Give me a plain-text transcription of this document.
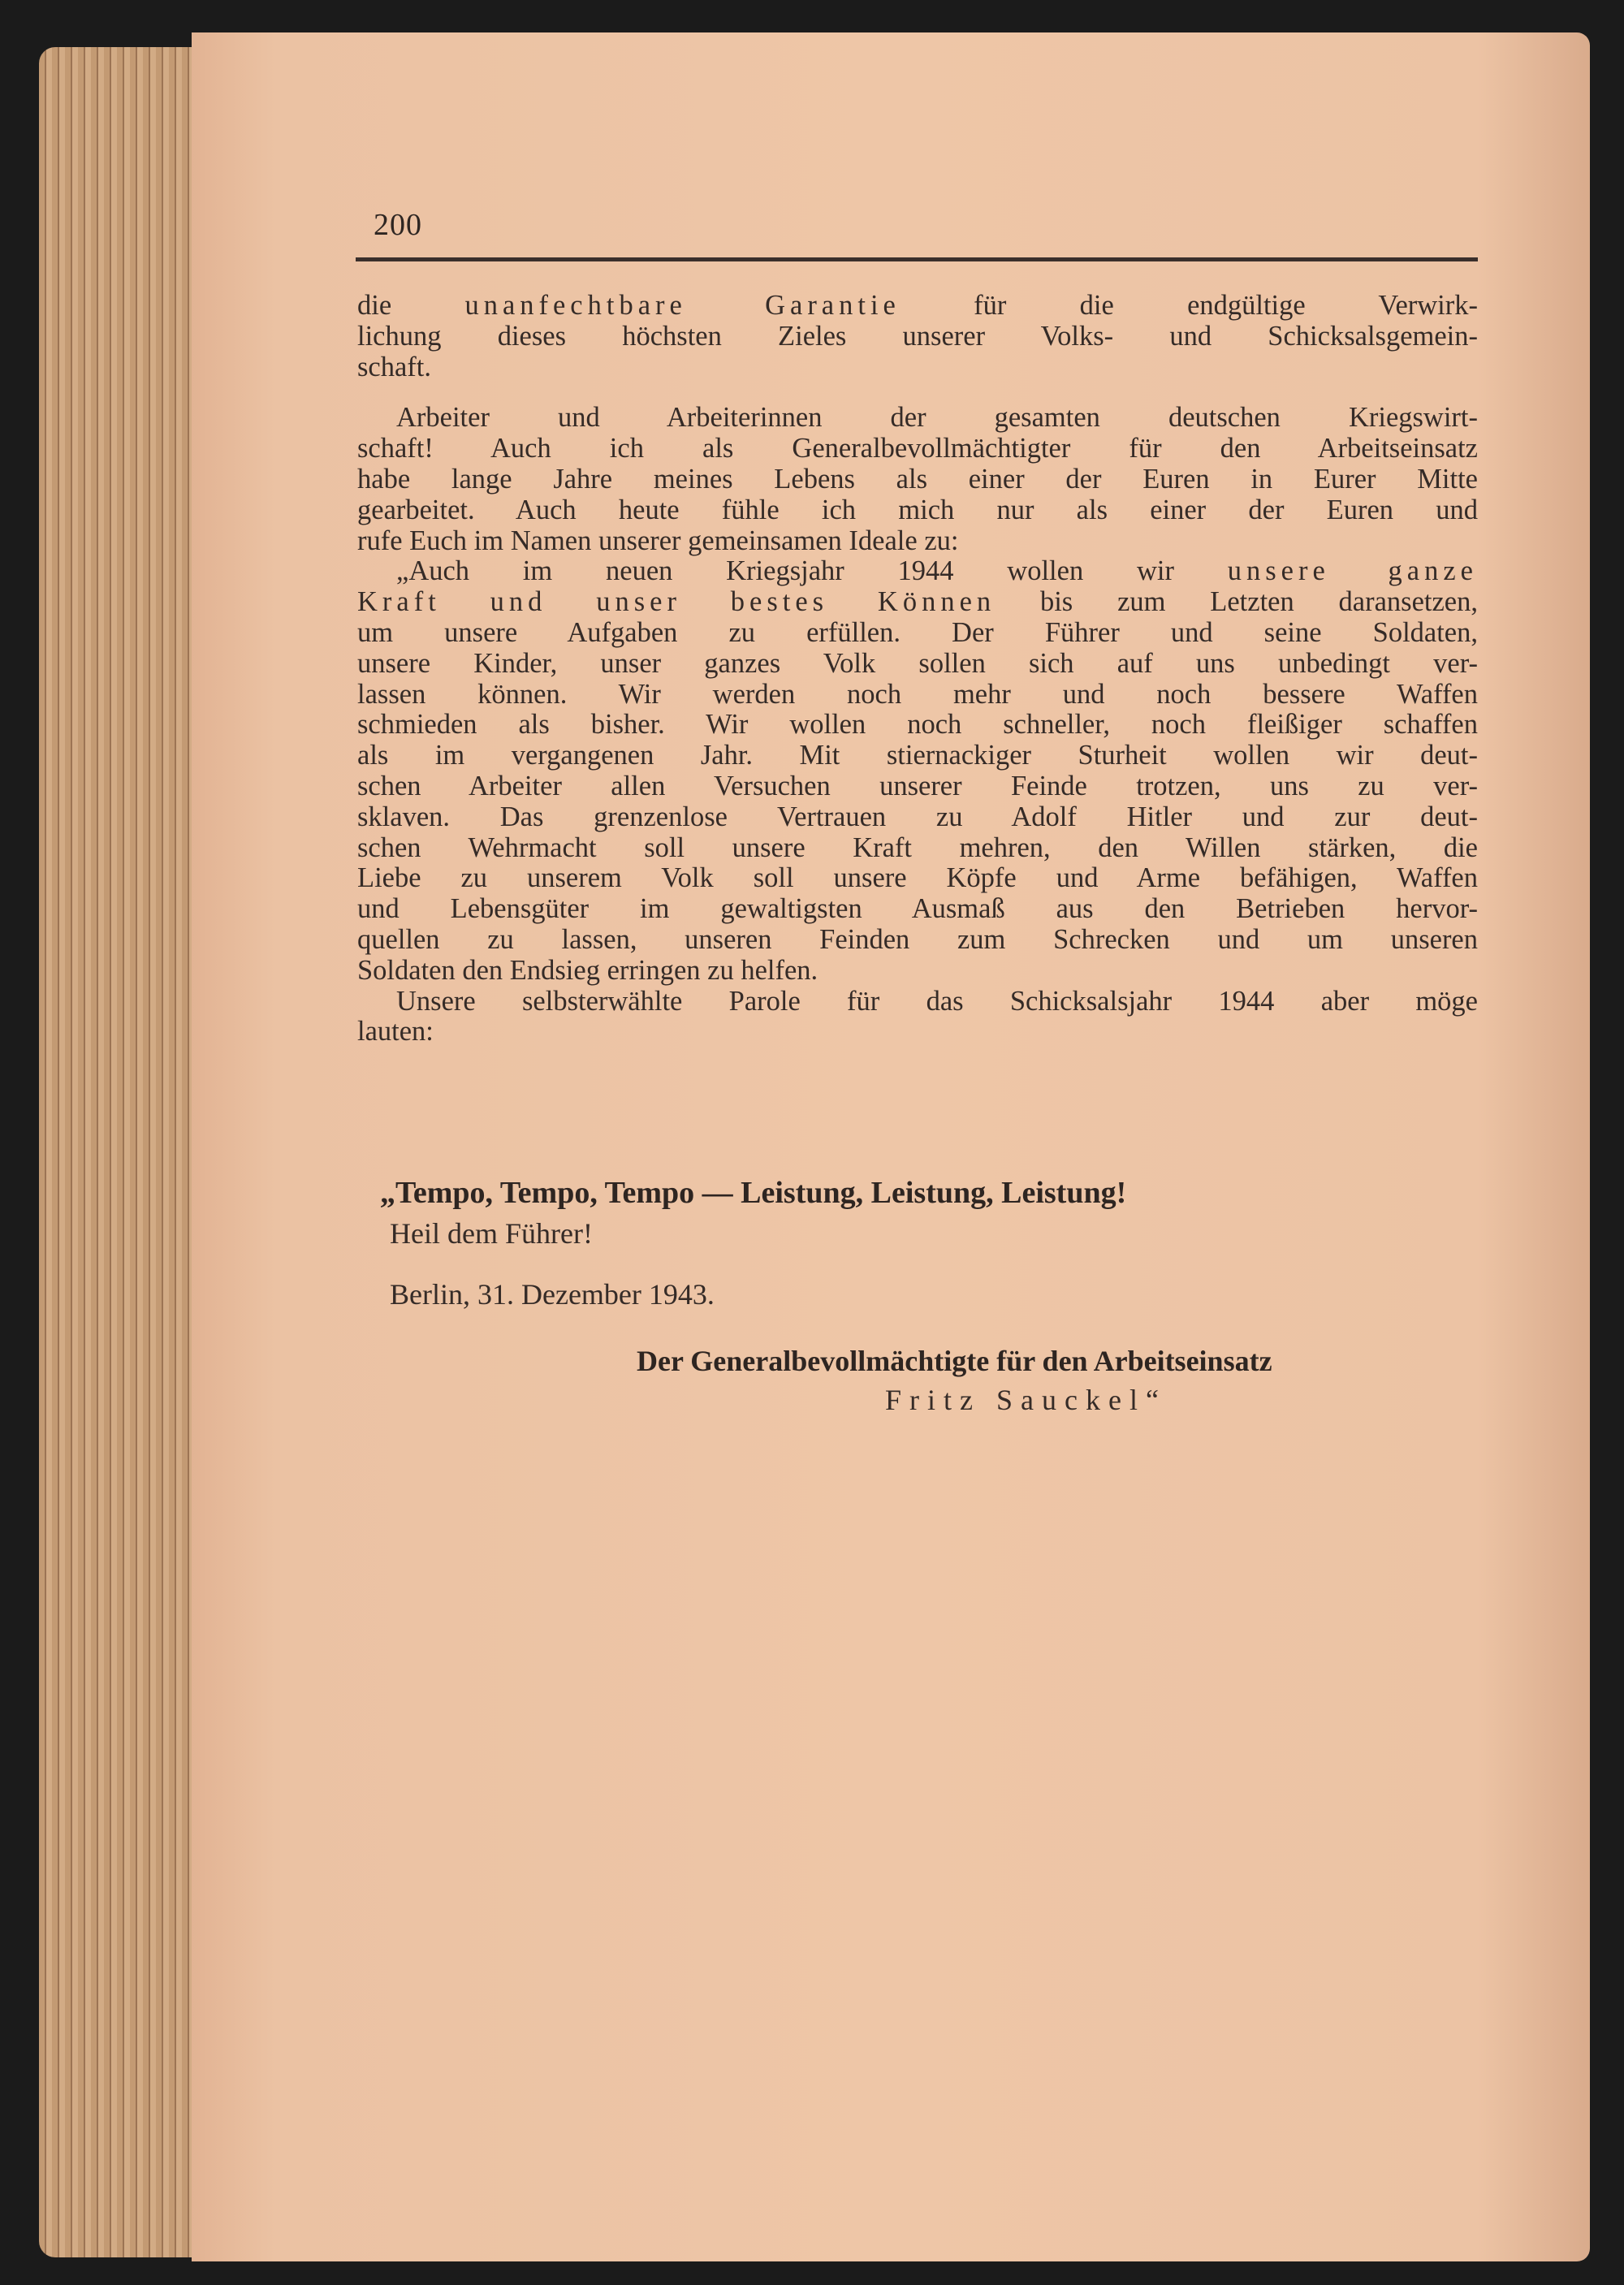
200
die unanfechtbare Garantie für die endgültige Verwirk-
lichung dieses höchsten Zieles unserer Volks- und Schicksalsgemein-
schaft.
Arbeiter und Arbeiterinnen der gesamten deutschen Kriegswirt-
schaft! Auch ich als Generalbevollmächtigter für den Arbeitseinsatz
habe lange Jahre meines Lebens als einer der Euren in Eurer Mitte
gearbeitet. Auch heute fühle ich mich nur als einer der Euren und
rufe Euch im Namen unserer gemeinsamen Ideale zu:
„Auch im neuen Kriegsjahr 1944 wollen wir unsere ganze
Kraft und unser bestes Können bis zum Letzten daransetzen,
um unsere Aufgaben zu erfüllen. Der Führer und seine Soldaten,
unsere Kinder, unser ganzes Volk sollen sich auf uns unbedingt ver-
lassen können. Wir werden noch mehr und noch bessere Waffen
schmieden als bisher. Wir wollen noch schneller, noch fleißiger schaffen
als im vergangenen Jahr. Mit stiernackiger Sturheit wollen wir deut-
schen Arbeiter allen Versuchen unserer Feinde trotzen, uns zu ver-
sklaven. Das grenzenlose Vertrauen zu Adolf Hitler und zur deut-
schen Wehrmacht soll unsere Kraft mehren, den Willen stärken, die
Liebe zu unserem Volk soll unsere Köpfe und Arme befähigen, Waffen
und Lebensgüter im gewaltigsten Ausmaß aus den Betrieben hervor-
quellen zu lassen, unseren Feinden zum Schrecken und um unseren
Soldaten den Endsieg erringen zu helfen.
Unsere selbsterwählte Parole für das Schicksalsjahr 1944 aber möge
lauten:
„Tempo, Tempo, Tempo — Leistung, Leistung, Leistung!
Heil dem Führer!
Berlin, 31. Dezember 1943.
Der Generalbevollmächtigte für den Arbeitseinsatz
Fritz Sauckel“
